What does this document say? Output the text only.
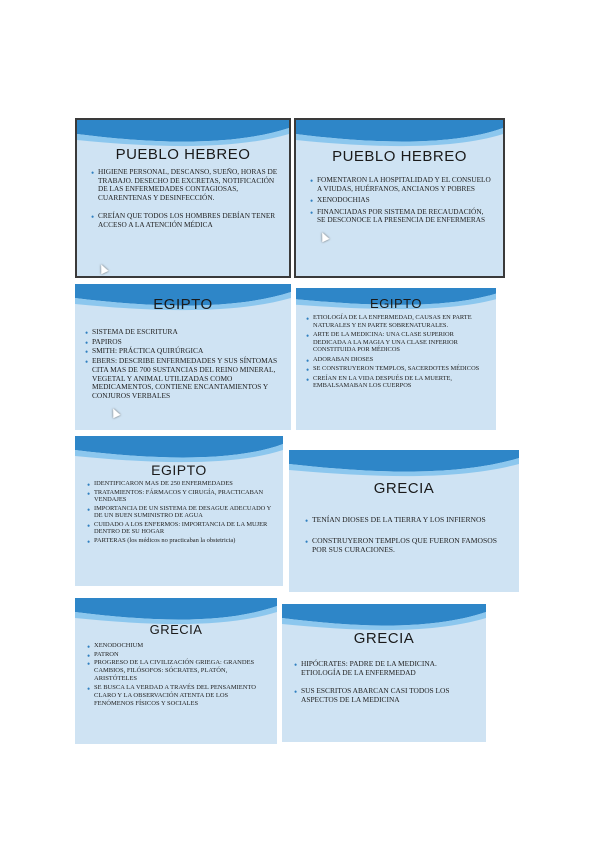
PUEBLO HEBREO
• HIGIENE PERSONAL, DESCANSO, SUEÑO, HORAS DE TRABAJO. DESECHO DE EXCRETAS, NOTIFICACIÓN DE LAS ENFERMEDADES CONTAGIOSAS, CUARENTENAS Y DESINFECCIÓN.
• CREÍAN QUE TODOS LOS HOMBRES DEBÍAN TENER ACCESO A LA ATENCIÓN MÉDICA
PUEBLO HEBREO
• FOMENTARON LA HOSPITALIDAD Y EL CONSUELO A VIUDAS, HUÉRFANOS, ANCIANOS Y POBRES
• XENODOCHIAS
• FINANCIADAS POR SISTEMA DE RECAUDACIÓN, SE DESCONOCE LA PRESENCIA DE ENFERMERAS
EGIPTO
• SISTEMA DE ESCRITURA
• PAPIROS
• SMITH: PRÁCTICA QUIRÚRGICA
• EBERS: DESCRIBE ENFERMEDADES Y SUS SÍNTOMAS CITA MAS DE 700 SUSTANCIAS DEL REINO MINERAL, VEGETAL Y ANIMAL UTILIZADAS COMO MEDICAMENTOS, CONTIENE ENCANTAMIENTOS Y CONJUROS VERBALES
EGIPTO
• ETIOLOGÍA DE LA ENFERMEDAD, CAUSAS EN PARTE NATURALES Y EN PARTE SOBRENATURALES.
• ARTE DE LA MEDICINA: UNA CLASE SUPERIOR DEDICADA A LA MAGIA Y UNA CLASE INFERIOR CONSTITUIDA POR MÉDICOS
• ADORABAN DIOSES
• SE CONSTRUYERON TEMPLOS, SACERDOTES MÉDICOS
• CREÍAN EN LA VIDA DESPUÉS DE LA MUERTE, EMBALSAMABAN LOS CUERPOS
EGIPTO
• IDENTIFICARON MAS DE 250 ENFERMEDADES
• TRATAMIENTOS: FÁRMACOS Y CIRUGÍA, PRACTICABAN VENDAJES
• IMPORTANCIA DE UN SISTEMA DE DESAGUE ADECUADO Y DE UN BUEN SUMINISTRO DE AGUA
• CUIDADO A LOS ENFERMOS: IMPORTANCIA DE LA MUJER DENTRO DE SU HOGAR
• PARTERAS (los médicos no practicaban la obstetricia)
GRECIA
• TENÍAN DIOSES DE LA TIERRA Y LOS INFIERNOS
• CONSTRUYERON TEMPLOS QUE FUERON FAMOSOS POR SUS CURACIONES.
GRECIA
• XENODOCHIUM
• PATRON
• PROGRESO DE LA CIVILIZACIÓN GRIEGA: GRANDES CAMBIOS, FILÓSOFOS: SÓCRATES, PLATÓN, ARISTÓTELES
• SE BUSCA LA VERDAD A TRAVÉS DEL PENSAMIENTO CLARO Y LA OBSERVACIÓN ATENTA DE LOS FENÓMENOS FÍSICOS Y SOCIALES
GRECIA
• HIPÓCRATES: PADRE DE LA MEDICINA. ETIOLOGÍA DE LA ENFERMEDAD
• SUS ESCRITOS ABARCAN CASI TODOS LOS ASPECTOS DE LA MEDICINA
